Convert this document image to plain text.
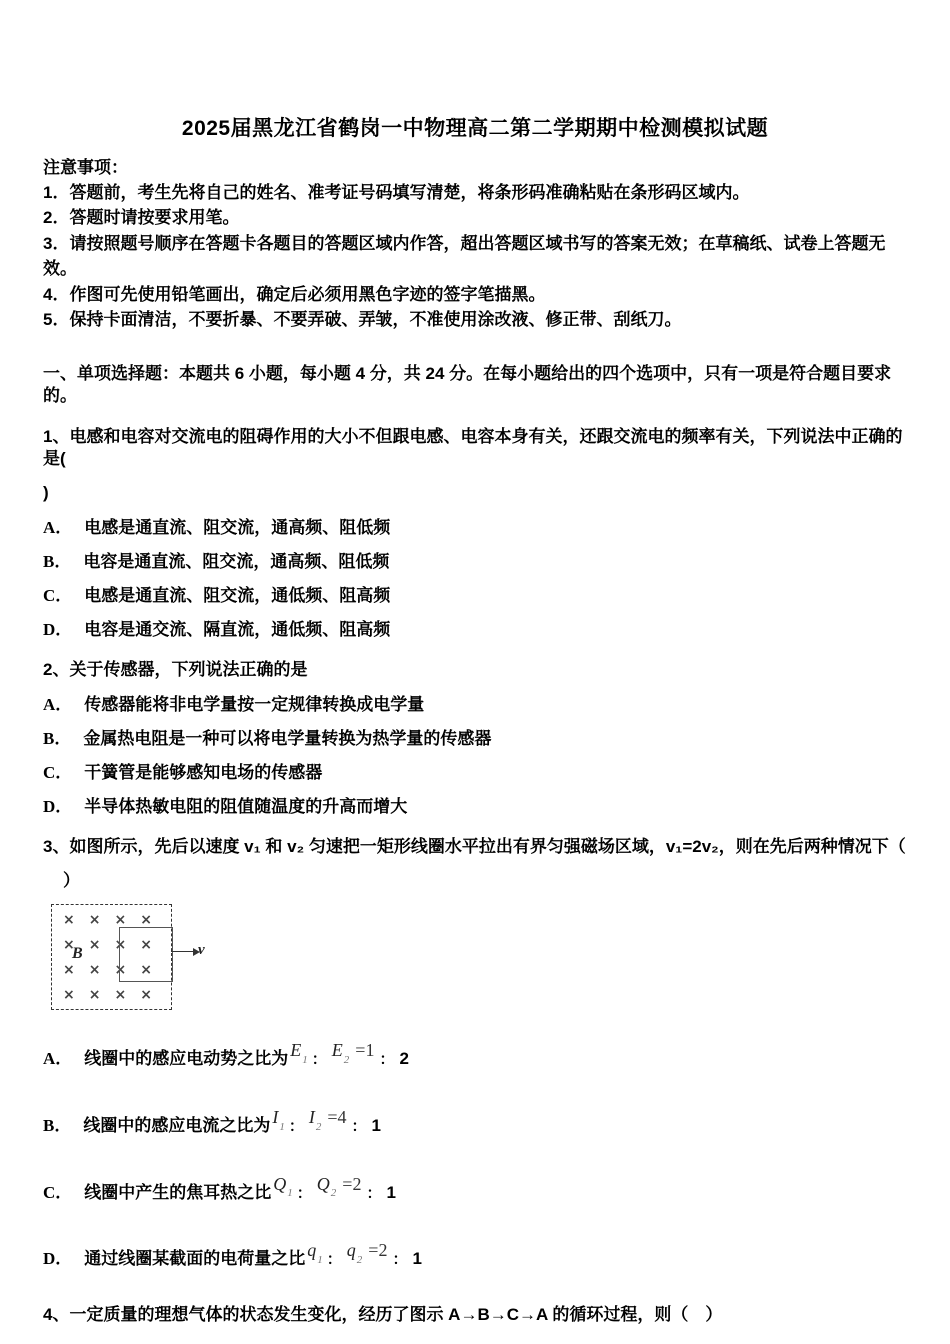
2025届黑龙江省鹤岗一中物理高二第二学期期中检测模拟试题
注意事项：
1．答题前，考生先将自己的姓名、准考证号码填写清楚，将条形码准确粘贴在条形码区域内。
2．答题时请按要求用笔。
3．请按照题号顺序在答题卡各题目的答题区域内作答，超出答题区域书写的答案无效；在草稿纸、试卷上答题无效。
4．作图可先使用铅笔画出，确定后必须用黑色字迹的签字笔描黑。
5．保持卡面清洁，不要折暴、不要弄破、弄皱，不准使用涂改液、修正带、刮纸刀。
一、单项选择题：本题共 6 小题，每小题 4 分，共 24 分。在每小题给出的四个选项中，只有一项是符合题目要求的。
1、电感和电容对交流电的阻碍作用的大小不但跟电感、电容本身有关，还跟交流电的频率有关，下列说法中正确的是(
)
A． 电感是通直流、阻交流，通高频、阻低频
B． 电容是通直流、阻交流，通高频、阻低频
C． 电感是通直流、阻交流，通低频、阻高频
D． 电容是通交流、隔直流，通低频、阻高频
2、关于传感器，下列说法正确的是
A． 传感器能将非电学量按一定规律转换成电学量
B． 金属热电阻是一种可以将电学量转换为热学量的传感器
C． 干簧管是能够感知电场的传感器
D． 半导体热敏电阻的阻值随温度的升高而增大
3、如图所示，先后以速度 v₁ 和 v₂ 匀速把一矩形线圈水平拉出有界匀强磁场区域，v₁=2v₂，则在先后两种情况下（
）
× × × ×
× × × ×
× × × ×
× × × ×
B	v
A． 线圈中的感应电动势之比为 $E_1$ ： $E_2 =1$ ： 2
B． 线圈中的感应电流之比为 $I_1$ ： $I_2 =4$ ： 1
C． 线圈中产生的焦耳热之比 $Q_1$ ： $Q_2 =2$ ： 1
D． 通过线圈某截面的电荷量之比 $q_1$ ： $q_2 =2$ ： 1
4、一定质量的理想气体的状态发生变化，经历了图示 A→B→C→A 的循环过程，则（　）
